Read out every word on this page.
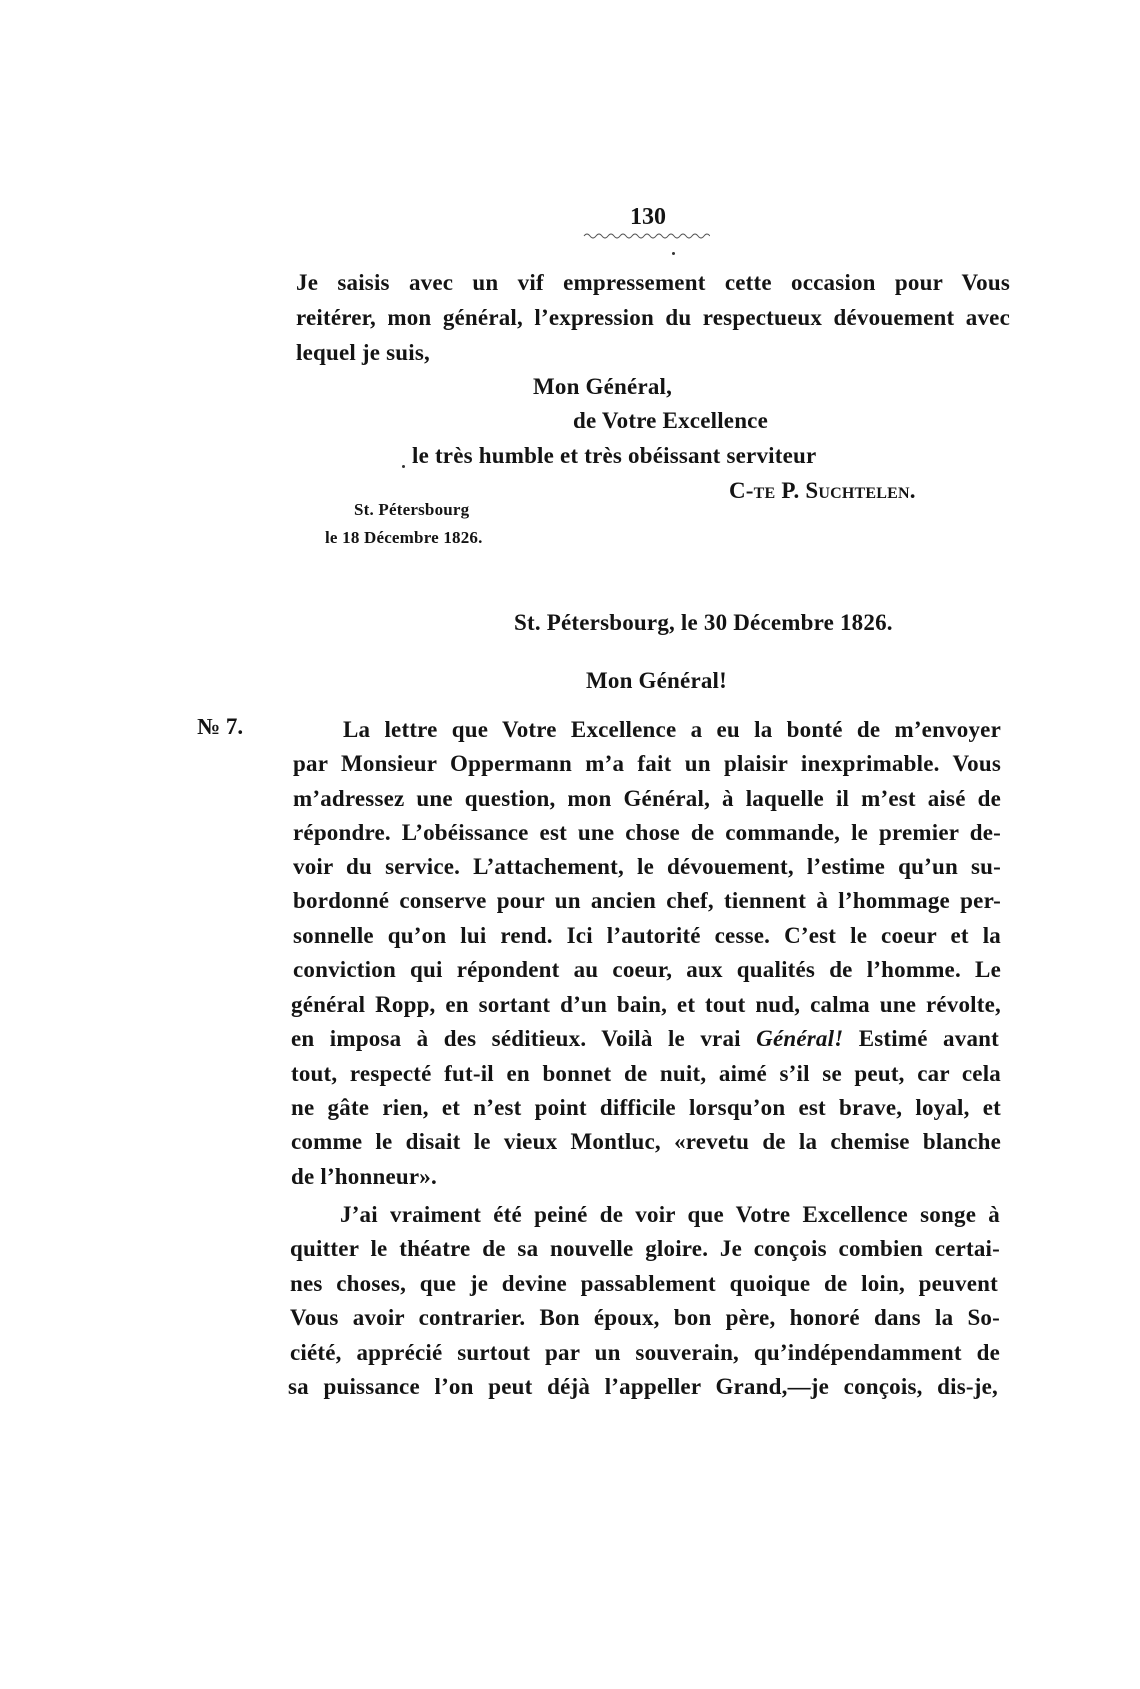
130
Je saisis avec un vif empressement cette occasion pour Vous
reitérer, mon général, l’expression du respectueux dévouement avec
lequel je suis,
Mon Général,
de Votre Excellence
le très humble et très obéissant serviteur
C-te P. Suchtelen.
St. Pétersbourg
le 18 Décembre 1826.
St. Pétersbourg, le 30 Décembre 1826.
Mon Général!
№ 7.	La lettre que Votre Excellence a eu la bonté de m’envoyer
par Monsieur Oppermann m’a fait un plaisir inexprimable. Vous
m’adressez une question, mon Général, à laquelle il m’est aisé de
répondre. L’obéissance est une chose de commande, le premier de-
voir du service. L’attachement, le dévouement, l’estime qu’un su-
bordonné conserve pour un ancien chef, tiennent à l’hommage per-
sonnelle qu’on lui rend. Ici l’autorité cesse. C’est le coeur et la
conviction qui répondent au coeur, aux qualités de l’homme. Le
général Ropp, en sortant d’un bain, et tout nud, calma une révolte,
en imposa à des séditieux. Voilà le vrai Général! Estimé avant
tout, respecté fut-il en bonnet de nuit, aimé s’il se peut, car cela
ne gâte rien, et n’est point difficile lorsqu’on est brave, loyal, et
comme le disait le vieux Montluc, «revetu de la chemise blanche
de l’honneur».
J’ai vraiment été peiné de voir que Votre Excellence songe à
quitter le théatre de sa nouvelle gloire. Je conçois combien certai-
nes choses, que je devine passablement quoique de loin, peuvent
Vous avoir contrarier. Bon époux, bon père, honoré dans la So-
ciété, apprécié surtout par un souverain, qu’indépendamment de
sa puissance l’on peut déjà l’appeller Grand,—je conçois, dis-je,
